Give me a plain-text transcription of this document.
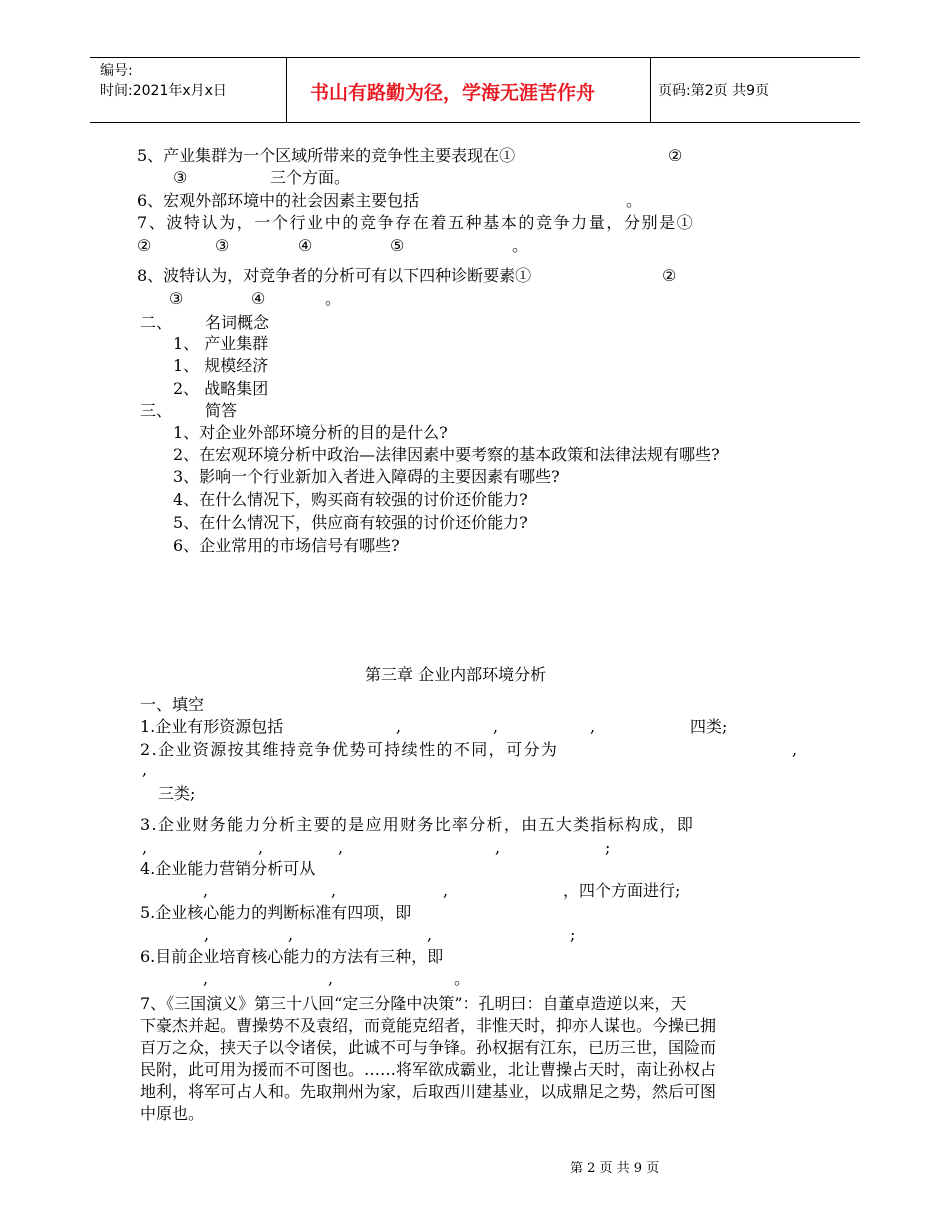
编号:
时间:2021年x月x日	书山有路勤为径，学海无涯苦作舟	页码:第2页 共9页
5、产业集群为一个区域所带来的竞争性主要表现在①	②
③	三个方面。
6、宏观外部环境中的社会因素主要包括	。
7、波特认为，一个行业中的竞争存在着五种基本的竞争力量，分别是①
②	③	④	⑤	。
8、波特认为，对竞争者的分析可有以下四种诊断要素①	②
③	④	。
二、 名词概念
1、 产业集群
1、 规模经济
2、 战略集团
三、 简答
1、对企业外部环境分析的目的是什么?
2、在宏观环境分析中政治—法律因素中要考察的基本政策和法律法规有哪些?
3、影响一个行业新加入者进入障碍的主要因素有哪些?
4、在什么情况下，购买商有较强的讨价还价能力?
5、在什么情况下，供应商有较强的讨价还价能力?
6、企业常用的市场信号有哪些?
第三章 企业内部环境分析
一、填空
1.企业有形资源包括	,	,	,	四类;
2.企业资源按其维持竞争优势可持续性的不同，可分为	,
,
三类;
3.企业财务能力分析主要的是应用财务比率分析，由五大类指标构成，即
,	,	,	,	;
4.企业能力营销分析可从
,	,	,	，四个方面进行;
5.企业核心能力的判断标准有四项，即
,	,	,	;
6.目前企业培育核心能力的方法有三种，即
,	,	。
7、《三国演义》第三十八回“定三分隆中决策”：孔明曰：自董卓造逆以来，天
下豪杰并起。曹操势不及袁绍，而竟能克绍者，非惟天时，抑亦人谋也。今操已拥
百万之众，挟天子以令诸侯，此诚不可与争锋。孙权据有江东，已历三世，国险而
民附，此可用为援而不可图也。……将军欲成霸业，北让曹操占天时，南让孙权占
地利，将军可占人和。先取荆州为家，后取西川建基业，以成鼎足之势，然后可图
中原也。
第 2 页 共 9 页
